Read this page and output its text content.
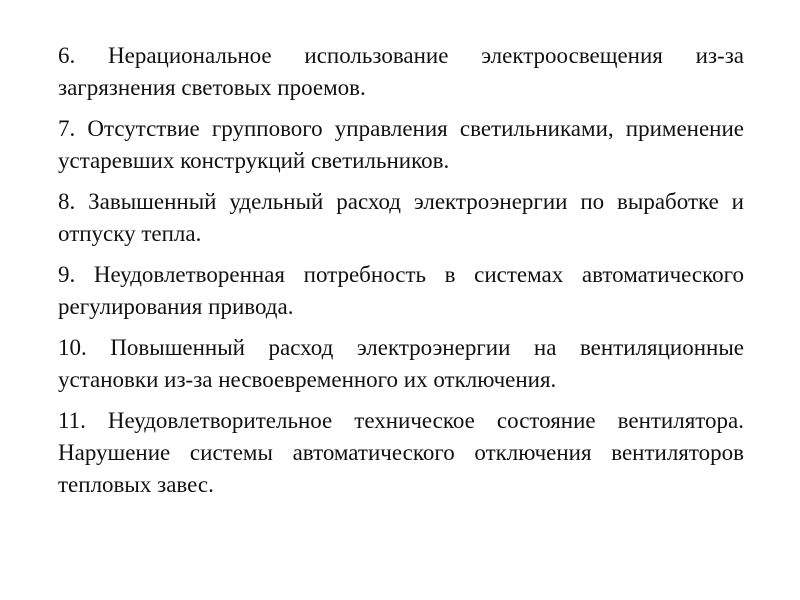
6. Нерациональное использование электроосвещения из-за загрязнения световых проемов.

7. Отсутствие группового управления светильниками, применение устаревших конструкций светильников.

8. Завышенный удельный расход электроэнергии по выработке и отпуску тепла.

9. Неудовлетворенная потребность в системах автоматического регулирования привода.

10. Повышенный расход электроэнергии на вентиляционные установки из-за несвоевременного их отключения.

11. Неудовлетворительное техническое состояние вентилятора. Нарушение системы автоматического отключения вентиляторов тепловых завес.
